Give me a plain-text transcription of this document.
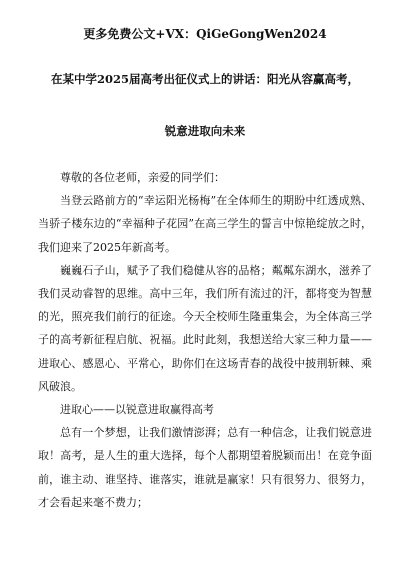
更多免费公文+VX：QiGeGongWen2024

在某中学2025届高考出征仪式上的讲话：阳光从容赢高考，

锐意进取向未来

尊敬的各位老师，亲爱的同学们：

当登云路前方的“幸运阳光杨梅”在全体师生的期盼中红透成熟、当骄子楼东边的“幸福种子花园”在高三学生的誓言中惊艳绽放之时，我们迎来了2025年新高考。

巍巍石子山，赋予了我们稳健从容的品格；粼粼东湖水，滋养了我们灵动睿智的思维。高中三年，我们所有流过的汗，都将变为智慧的光，照亮我们前行的征途。今天全校师生隆重集会，为全体高三学子的高考新征程启航、祝福。此时此刻，我想送给大家三种力量——进取心、感恩心、平常心，助你们在这场青春的战役中披荆斩棘、乘风破浪。

进取心——以锐意进取赢得高考

总有一个梦想，让我们激情澎湃；总有一种信念，让我们锐意进取！高考，是人生的重大选择，每个人都期望着脱颖而出！在竞争面前，谁主动、谁坚持、谁落实，谁就是赢家！只有很努力、很努力，才会看起来毫不费力；
